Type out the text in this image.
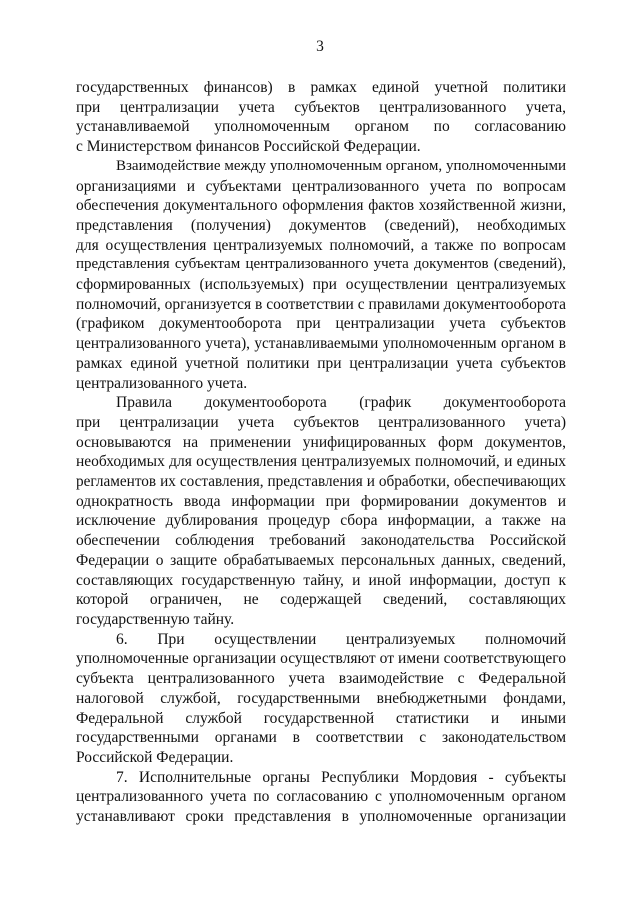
3

государственных финансов) в рамках единой учетной политики
при централизации учета субъектов централизованного учета,
устанавливаемой уполномоченным органом по согласованию
с Министерством финансов Российской Федерации.

Взаимодействие между уполномоченным органом, уполномоченными
организациями и субъектами централизованного учета по вопросам
обеспечения документального оформления фактов хозяйственной жизни,
представления (получения) документов (сведений), необходимых
для осуществления централизуемых полномочий, а также по вопросам
представления субъектам централизованного учета документов (сведений),
сформированных (используемых) при осуществлении централизуемых
полномочий, организуется в соответствии с правилами документооборота
(графиком документооборота при централизации учета субъектов
централизованного учета), устанавливаемыми уполномоченным органом в
рамках единой учетной политики при централизации учета субъектов
централизованного учета.

Правила документооборота (график документооборота
при централизации учета субъектов централизованного учета)
основываются на применении унифицированных форм документов,
необходимых для осуществления централизуемых полномочий, и единых
регламентов их составления, представления и обработки, обеспечивающих
однократность ввода информации при формировании документов и
исключение дублирования процедур сбора информации, а также на
обеспечении соблюдения требований законодательства Российской
Федерации о защите обрабатываемых персональных данных, сведений,
составляющих государственную тайну, и иной информации, доступ к
которой ограничен, не содержащей сведений, составляющих
государственную тайну.

6. При осуществлении централизуемых полномочий
уполномоченные организации осуществляют от имени соответствующего
субъекта централизованного учета взаимодействие с Федеральной
налоговой службой, государственными внебюджетными фондами,
Федеральной службой государственной статистики и иными
государственными органами в соответствии с законодательством
Российской Федерации.

7. Исполнительные органы Республики Мордовия - субъекты
централизованного учета по согласованию с уполномоченным органом
устанавливают сроки представления в уполномоченные организации
